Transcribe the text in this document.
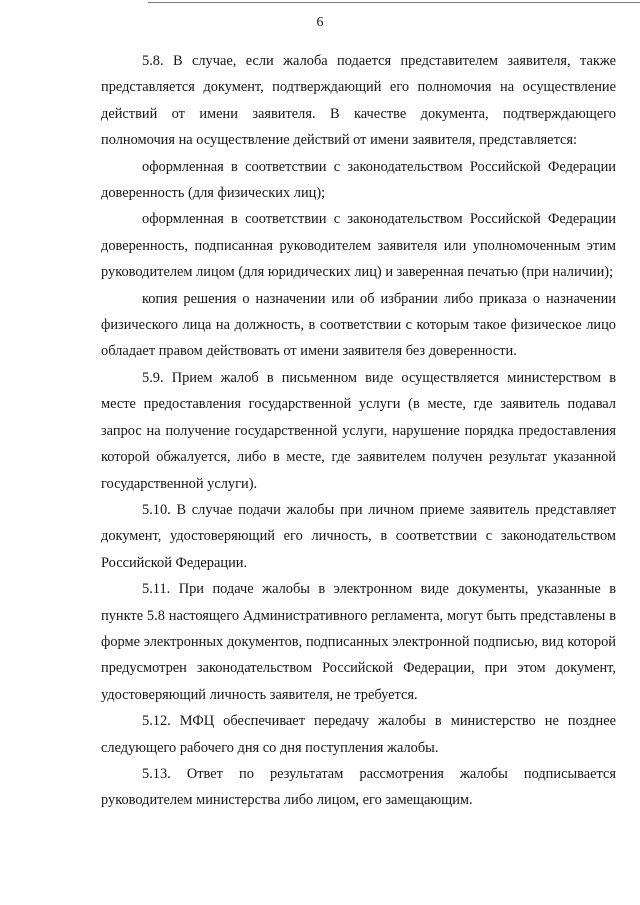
6

5.8. В случае, если жалоба подается представителем заявителя, также представляется документ, подтверждающий его полномочия на осуществление действий от имени заявителя. В качестве документа, подтверждающего полномочия на осуществление действий от имени заявителя, представляется:

оформленная в соответствии с законодательством Российской Федерации доверенность (для физических лиц);

оформленная в соответствии с законодательством Российской Федерации доверенность, подписанная руководителем заявителя или уполномоченным этим руководителем лицом (для юридических лиц) и заверенная печатью (при наличии);

копия решения о назначении или об избрании либо приказа о назначении физического лица на должность, в соответствии с которым такое физическое лицо обладает правом действовать от имени заявителя без доверенности.

5.9. Прием жалоб в письменном виде осуществляется министерством в месте предоставления государственной услуги (в месте, где заявитель подавал запрос на получение государственной услуги, нарушение порядка предоставления которой обжалуется, либо в месте, где заявителем получен результат указанной государственной услуги).

5.10. В случае подачи жалобы при личном приеме заявитель представляет документ, удостоверяющий его личность, в соответствии с законодательством Российской Федерации.

5.11. При подаче жалобы в электронном виде документы, указанные в пункте 5.8 настоящего Административного регламента, могут быть представлены в форме электронных документов, подписанных электронной подписью, вид которой предусмотрен законодательством Российской Федерации, при этом документ, удостоверяющий личность заявителя, не требуется.

5.12. МФЦ обеспечивает передачу жалобы в министерство не позднее следующего рабочего дня со дня поступления жалобы.

5.13. Ответ по результатам рассмотрения жалобы подписывается руководителем министерства либо лицом, его замещающим.
